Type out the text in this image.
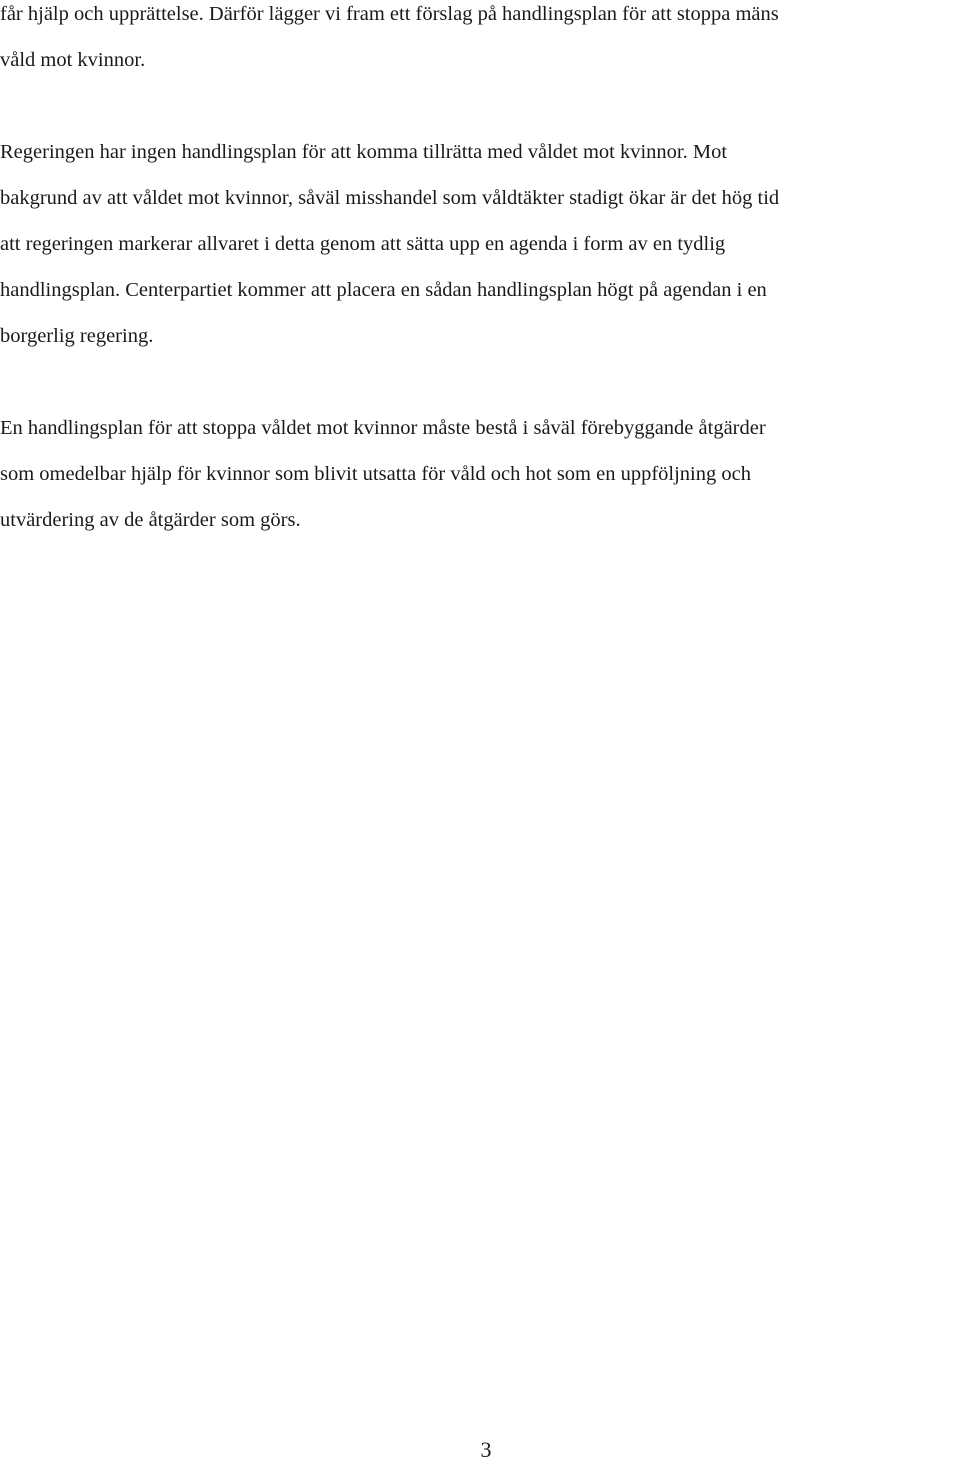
får hjälp och upprättelse. Därför lägger vi fram ett förslag på handlingsplan för att stoppa mäns
våld mot kvinnor.

Regeringen har ingen handlingsplan för att komma tillrätta med våldet mot kvinnor. Mot
bakgrund av att våldet mot kvinnor, såväl misshandel som våldtäkter stadigt ökar är det hög tid
att regeringen markerar allvaret i detta genom att sätta upp en agenda i form av en tydlig
handlingsplan. Centerpartiet kommer att placera en sådan handlingsplan högt på agendan i en
borgerlig regering.

En handlingsplan för att stoppa våldet mot kvinnor måste bestå i såväl förebyggande åtgärder
som omedelbar hjälp för kvinnor som blivit utsatta för våld och hot som en uppföljning och
utvärdering av de åtgärder som görs.

3
